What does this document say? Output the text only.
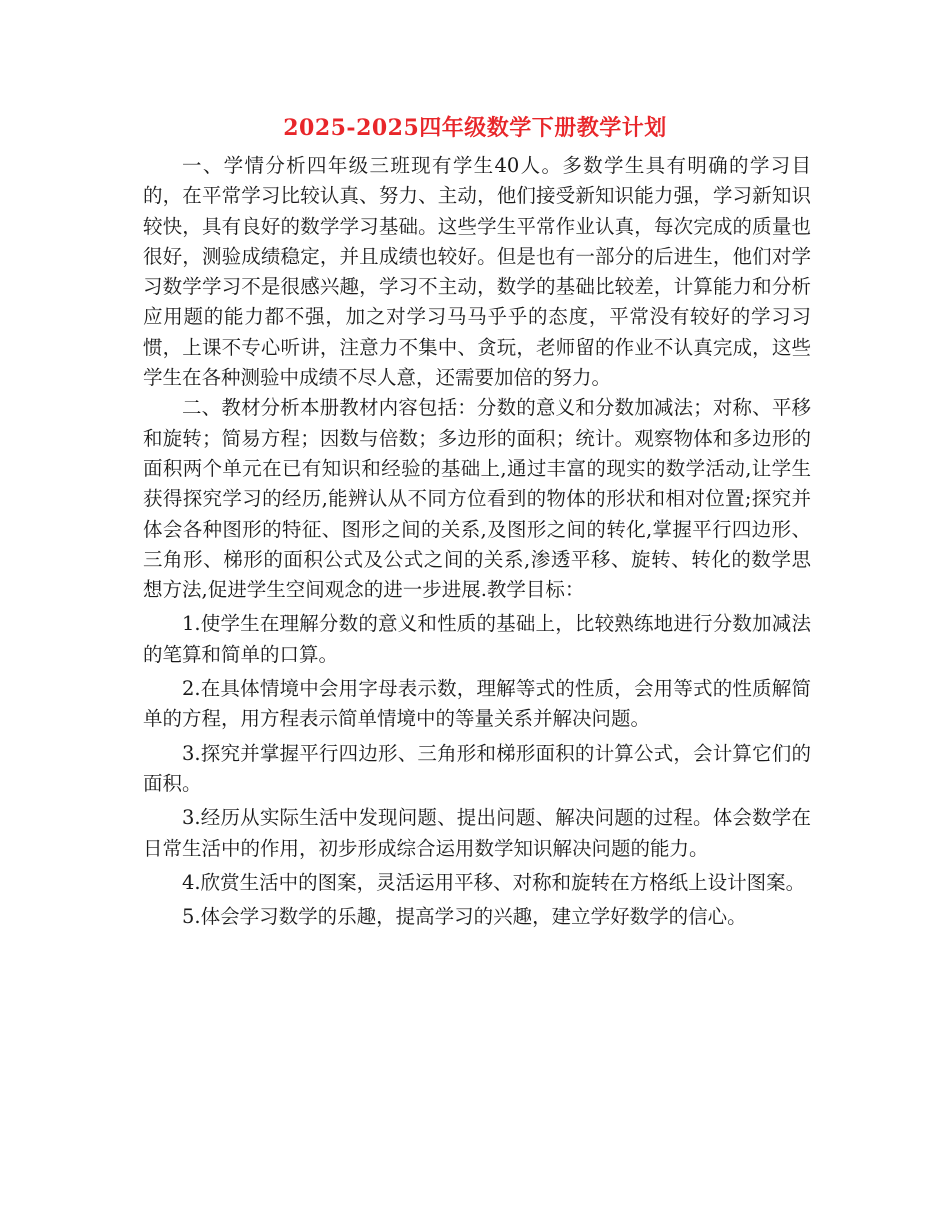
2025-2025四年级数学下册教学计划

一、学情分析四年级三班现有学生40人。多数学生具有明确的学习目的，在平常学习比较认真、努力、主动，他们接受新知识能力强，学习新知识较快，具有良好的数学学习基础。这些学生平常作业认真，每次完成的质量也很好，测验成绩稳定，并且成绩也较好。但是也有一部分的后进生，他们对学习数学学习不是很感兴趣，学习不主动，数学的基础比较差，计算能力和分析应用题的能力都不强，加之对学习马马乎乎的态度，平常没有较好的学习习惯，上课不专心听讲，注意力不集中、贪玩，老师留的作业不认真完成，这些学生在各种测验中成绩不尽人意，还需要加倍的努力。

二、教材分析本册教材内容包括：分数的意义和分数加减法；对称、平移和旋转；简易方程；因数与倍数；多边形的面积；统计。观察物体和多边形的面积两个单元在已有知识和经验的基础上,通过丰富的现实的数学活动,让学生获得探究学习的经历,能辨认从不同方位看到的物体的形状和相对位置;探究并体会各种图形的特征、图形之间的关系,及图形之间的转化,掌握平行四边形、三角形、梯形的面积公式及公式之间的关系,渗透平移、旋转、转化的数学思想方法,促进学生空间观念的进一步进展.教学目标：

1.使学生在理解分数的意义和性质的基础上，比较熟练地进行分数加减法的笔算和简单的口算。

2.在具体情境中会用字母表示数，理解等式的性质，会用等式的性质解简单的方程，用方程表示简单情境中的等量关系并解决问题。

3.探究并掌握平行四边形、三角形和梯形面积的计算公式，会计算它们的面积。

3.经历从实际生活中发现问题、提出问题、解决问题的过程。体会数学在日常生活中的作用，初步形成综合运用数学知识解决问题的能力。

4.欣赏生活中的图案，灵活运用平移、对称和旋转在方格纸上设计图案。

5.体会学习数学的乐趣，提高学习的兴趣，建立学好数学的信心。
